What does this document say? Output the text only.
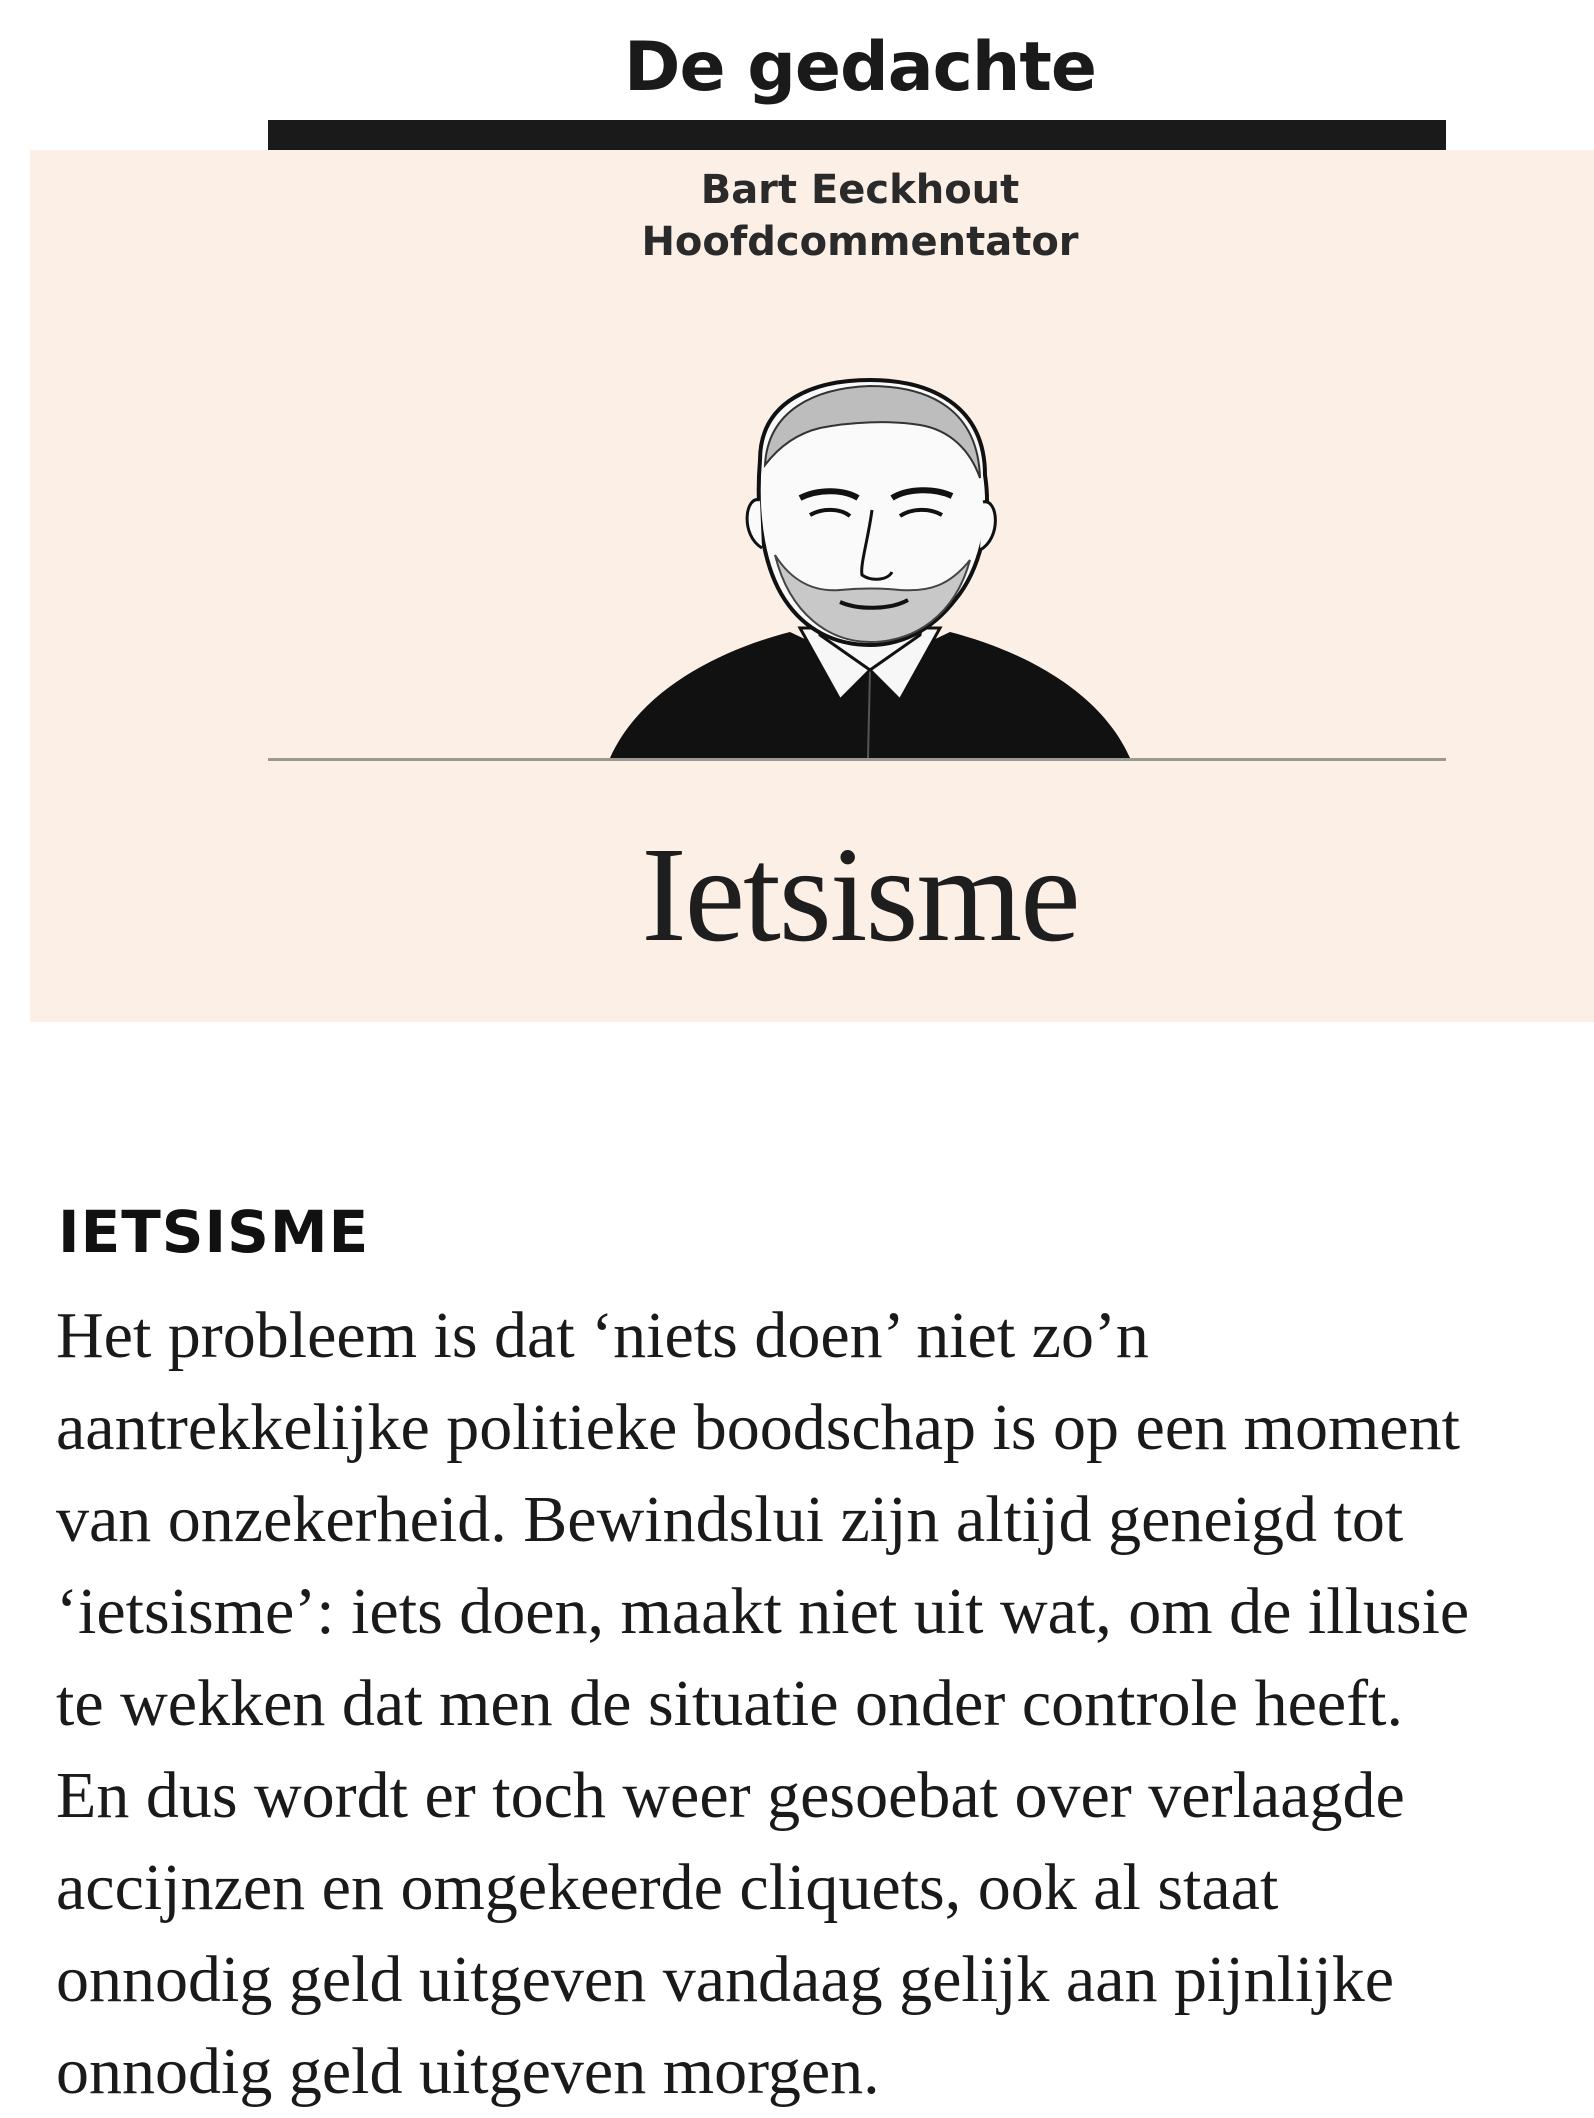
De gedachte
Bart Eeckhout
Hoofdcommentator
Ietsisme
IETSISME
Het probleem is dat ‘niets doen’ niet zo’n
aantrekkelijke politieke boodschap is op een moment
van onzekerheid. Bewindslui zijn altijd geneigd tot
‘ietsisme’: iets doen, maakt niet uit wat, om de illusie
te wekken dat men de situatie onder controle heeft.
En dus wordt er toch weer gesoebat over verlaagde
accijnzen en omgekeerde cliquets, ook al staat
onnodig geld uitgeven vandaag gelijk aan pijnlijke
onnodig geld uitgeven morgen.
